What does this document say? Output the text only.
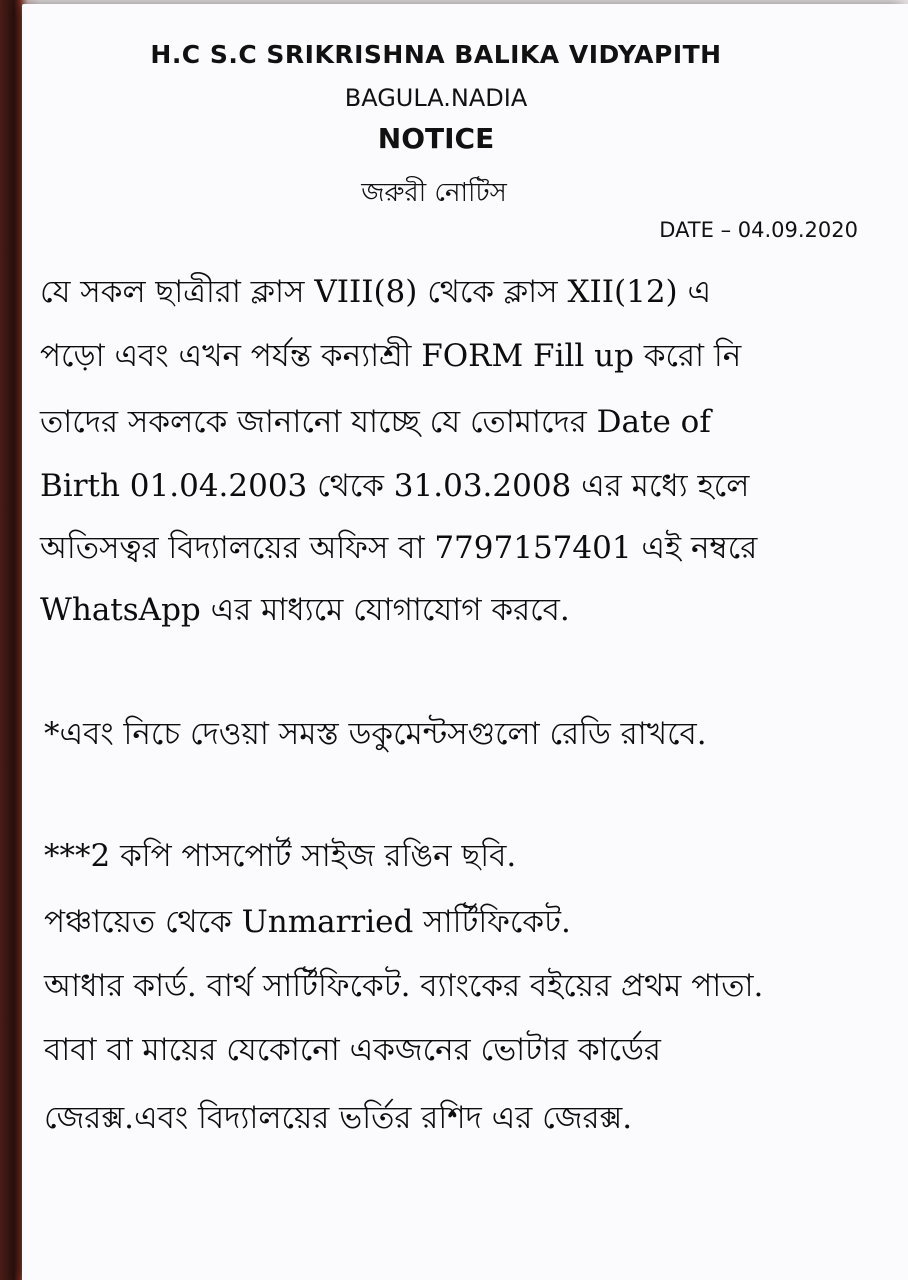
H.C S.C SRIKRISHNA BALIKA VIDYAPITH
BAGULA.NADIA
NOTICE
জরুরী নোটিস
DATE – 04.09.2020
যে সকল ছাত্রীরা ক্লাস VIII(8) থেকে ক্লাস XII(12) এ
পড়ো এবং এখন পর্যন্ত কন্যাশ্রী FORM Fill up করো নি
তাদের সকলকে জানানো যাচ্ছে যে তোমাদের Date of
Birth 01.04.2003 থেকে 31.03.2008 এর মধ্যে হলে
অতিসত্বর বিদ্যালয়ের অফিস বা 7797157401 এই নম্বরে
WhatsApp এর মাধ্যমে যোগাযোগ করবে.
*এবং নিচে দেওয়া সমস্ত ডকুমেন্টসগুলো রেডি রাখবে.
***2 কপি পাসপোর্ট সাইজ রঙিন ছবি.
পঞ্চায়েত থেকে Unmarried সার্টিফিকেট.
আধার কার্ড. বার্থ সার্টিফিকেট. ব্যাংকের বইয়ের প্রথম পাতা.
বাবা বা মায়ের যেকোনো একজনের ভোটার কার্ডের
জেরক্স.এবং বিদ্যালয়ের ভর্তির রশিদ এর জেরক্স.
